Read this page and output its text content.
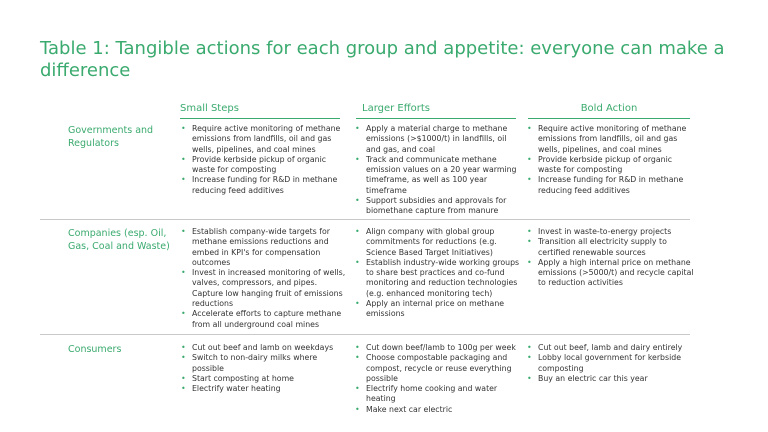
Table 1: Tangible actions for each group and appetite: everyone can make a difference
Small Steps	Larger Efforts	Bold Action
Governments and Regulators
• Require active monitoring of methane emissions from landfills, oil and gas wells, pipelines, and coal mines
• Provide kerbside pickup of organic waste for composting
• Increase funding for R&D in methane reducing feed additives
• Apply a material charge to methane emissions (>$1000/t) in landfills, oil and gas, and coal
• Track and communicate methane emission values on a 20 year warming timeframe, as well as 100 year timeframe
• Support subsidies and approvals for biomethane capture from manure
• Require active monitoring of methane emissions from landfills, oil and gas wells, pipelines, and coal mines
• Provide kerbside pickup of organic waste for composting
• Increase funding for R&D in methane reducing feed additives
Companies (esp. Oil, Gas, Coal and Waste)
• Establish company-wide targets for methane emissions reductions and embed in KPI's for compensation outcomes
• Invest in increased monitoring of wells, valves, compressors, and pipes. Capture low hanging fruit of emissions reductions
• Accelerate efforts to capture methane from all underground coal mines
• Align company with global group commitments for reductions (e.g. Science Based Target Initiatives)
• Establish industry-wide working groups to share best practices and co-fund monitoring and reduction technologies (e.g. enhanced monitoring tech)
• Apply an internal price on methane emissions
• Invest in waste-to-energy projects
• Transition all electricity supply to certified renewable sources
• Apply a high internal price on methane emissions (>5000/t) and recycle capital to reduction activities
Consumers
•	Cut out beef and lamb on weekdays
• Switch to non-dairy milks where possible
• Start composting at home
• Electrify water heating
• Cut down beef/lamb to 100g per week
• Choose compostable packaging and compost, recycle or reuse everything possible
• Electrify home cooking and water heating
• Make next car electric
• Cut out beef, lamb and dairy entirely
• Lobby local government for kerbside composting
• Buy an electric car this year
